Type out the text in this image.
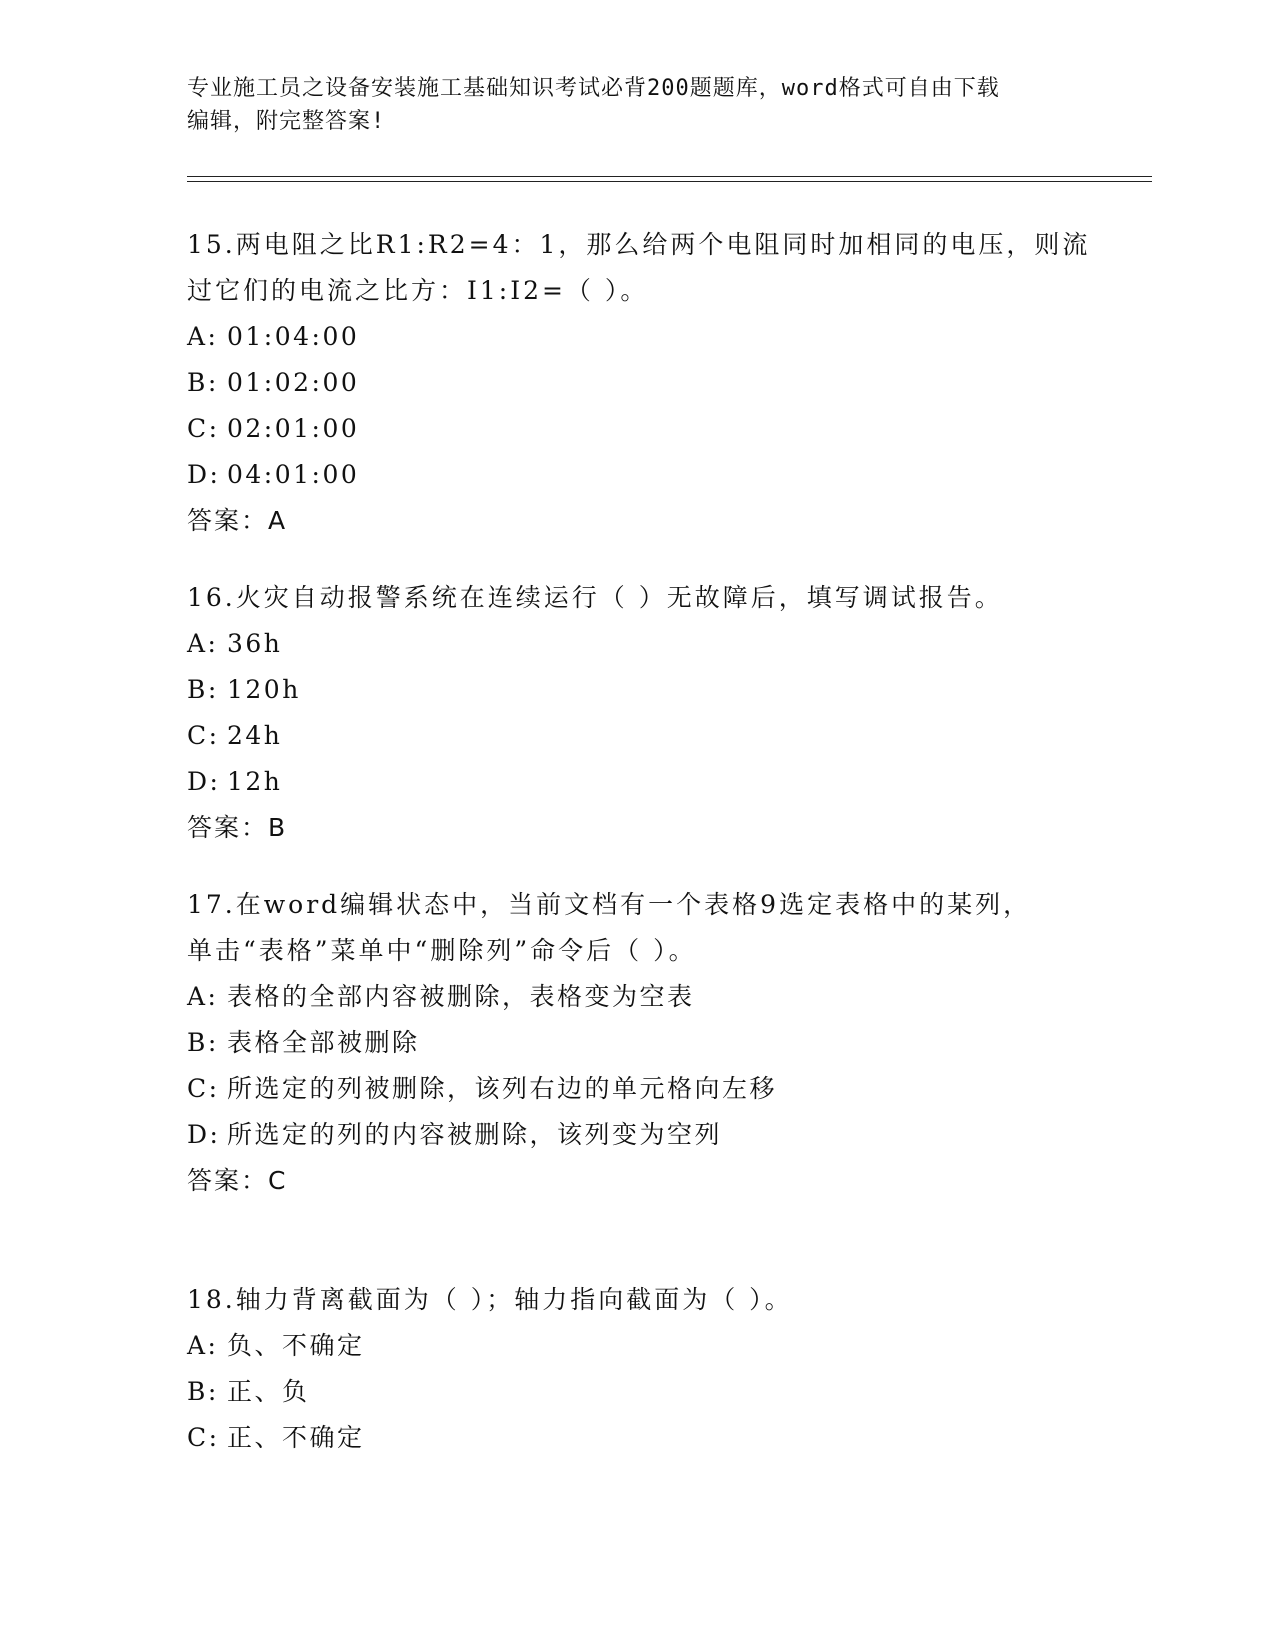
专业施工员之设备安装施工基础知识考试必背200题题库，word格式可自由下载
编辑，附完整答案!
15.两电阻之比R1:R2=4：1，那么给两个电阻同时加相同的电压，则流
过它们的电流之比方：I1:I2=（ ）。
A: 01:04:00
B: 01:02:00
C: 02:01:00
D: 04:01:00
答案：A
16.火灾自动报警系统在连续运行（ ）无故障后，填写调试报告。
A: 36h
B: 120h
C: 24h
D: 12h
答案：B
17.在word编辑状态中，当前文档有一个表格9选定表格中的某列，
单击“表格”菜单中“删除列”命令后（ ）。
A: 表格的全部内容被删除，表格变为空表
B: 表格全部被删除
C: 所选定的列被删除，该列右边的单元格向左移
D: 所选定的列的内容被删除，该列变为空列
答案：C
18.轴力背离截面为（ ）；轴力指向截面为（ ）。
A: 负、不确定
B: 正、负
C: 正、不确定
